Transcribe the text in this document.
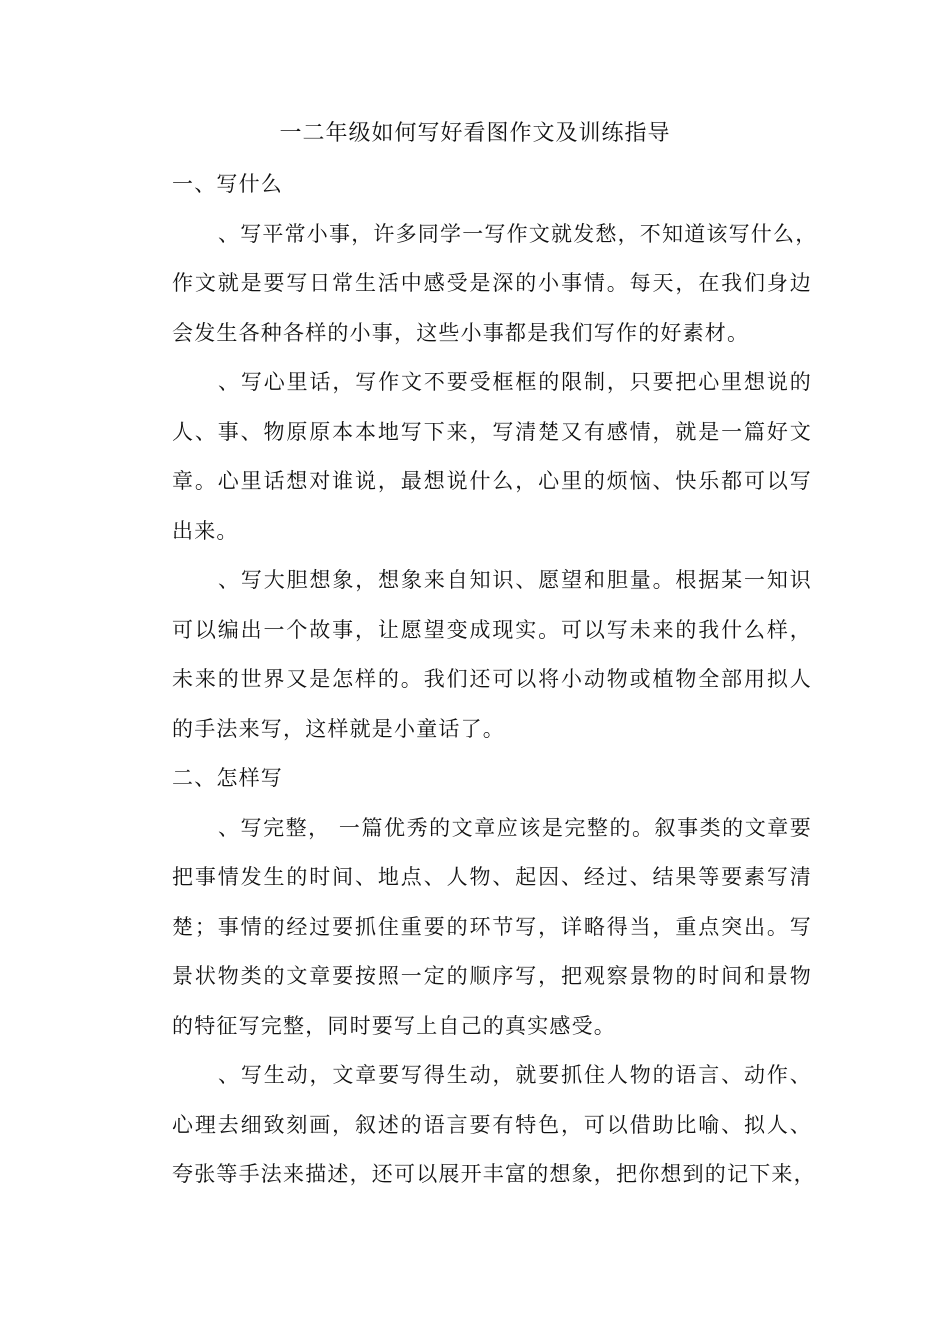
一二年级如何写好看图作文及训练指导
一、写什么
、写平常小事，许多同学一写作文就发愁，不知道该写什么，
作文就是要写日常生活中感受是深的小事情。每天，在我们身边
会发生各种各样的小事，这些小事都是我们写作的好素材。
、写心里话，写作文不要受框框的限制，只要把心里想说的
人、事、物原原本本地写下来，写清楚又有感情，就是一篇好文
章。心里话想对谁说，最想说什么，心里的烦恼、快乐都可以写
出来。
、写大胆想象，想象来自知识、愿望和胆量。根据某一知识
可以编出一个故事，让愿望变成现实。可以写未来的我什么样，
未来的世界又是怎样的。我们还可以将小动物或植物全部用拟人
的手法来写，这样就是小童话了。
二、怎样写
、写完整， 一篇优秀的文章应该是完整的。叙事类的文章要
把事情发生的时间、地点、人物、起因、经过、结果等要素写清
楚；事情的经过要抓住重要的环节写，详略得当，重点突出。写
景状物类的文章要按照一定的顺序写，把观察景物的时间和景物
的特征写完整，同时要写上自己的真实感受。
、写生动，文章要写得生动，就要抓住人物的语言、动作、
心理去细致刻画，叙述的语言要有特色，可以借助比喻、拟人、
夸张等手法来描述，还可以展开丰富的想象，把你想到的记下来，
